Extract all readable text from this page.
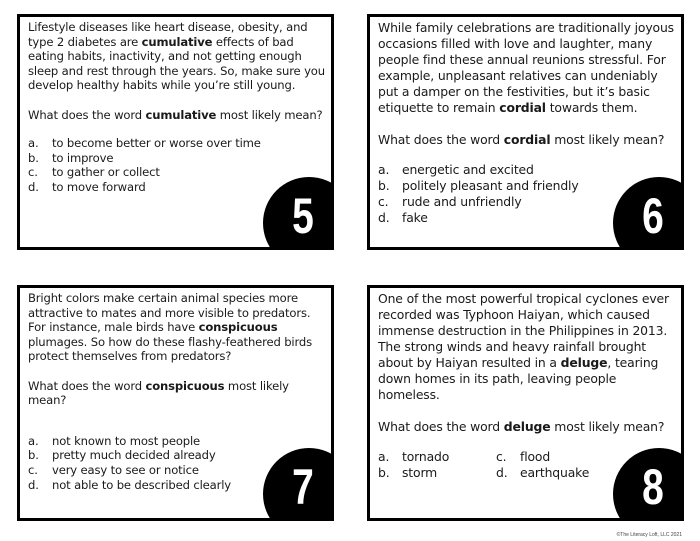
Lifestyle diseases like heart disease, obesity, and type 2 diabetes are cumulative effects of bad eating habits, inactivity, and not getting enough sleep and rest through the years. So, make sure you develop healthy habits while you’re still young.

What does the word cumulative most likely mean?

a.	to become better or worse over time
b.	to improve
c.	to gather or collect
d.	to move forward
5

While family celebrations are traditionally joyous occasions filled with love and laughter, many people find these annual reunions stressful. For example, unpleasant relatives can undeniably put a damper on the festivities, but it’s basic etiquette to remain cordial towards them.

What does the word cordial most likely mean?

a.	energetic and excited
b.	politely pleasant and friendly
c.	rude and unfriendly
d.	fake	6

Bright colors make certain animal species more attractive to mates and more visible to predators. For instance, male birds have conspicuous plumages. So how do these flashy-feathered birds protect themselves from predators?

What does the word conspicuous most likely mean?

a.	not known to most people
b.	pretty much decided already
c.	very easy to see or notice
d.	not able to be described clearly 7

One of the most powerful tropical cyclones ever recorded was Typhoon Haiyan, which caused immense destruction in the Philippines in 2013. The strong winds and heavy rainfall brought about by Haiyan resulted in a deluge, tearing down homes in its path, leaving people homeless.

What does the word deluge most likely mean?

a.	tornado	c.	flood
b.	storm	d.	earthquake 8
©The Literacy Loft, LLC 2021
